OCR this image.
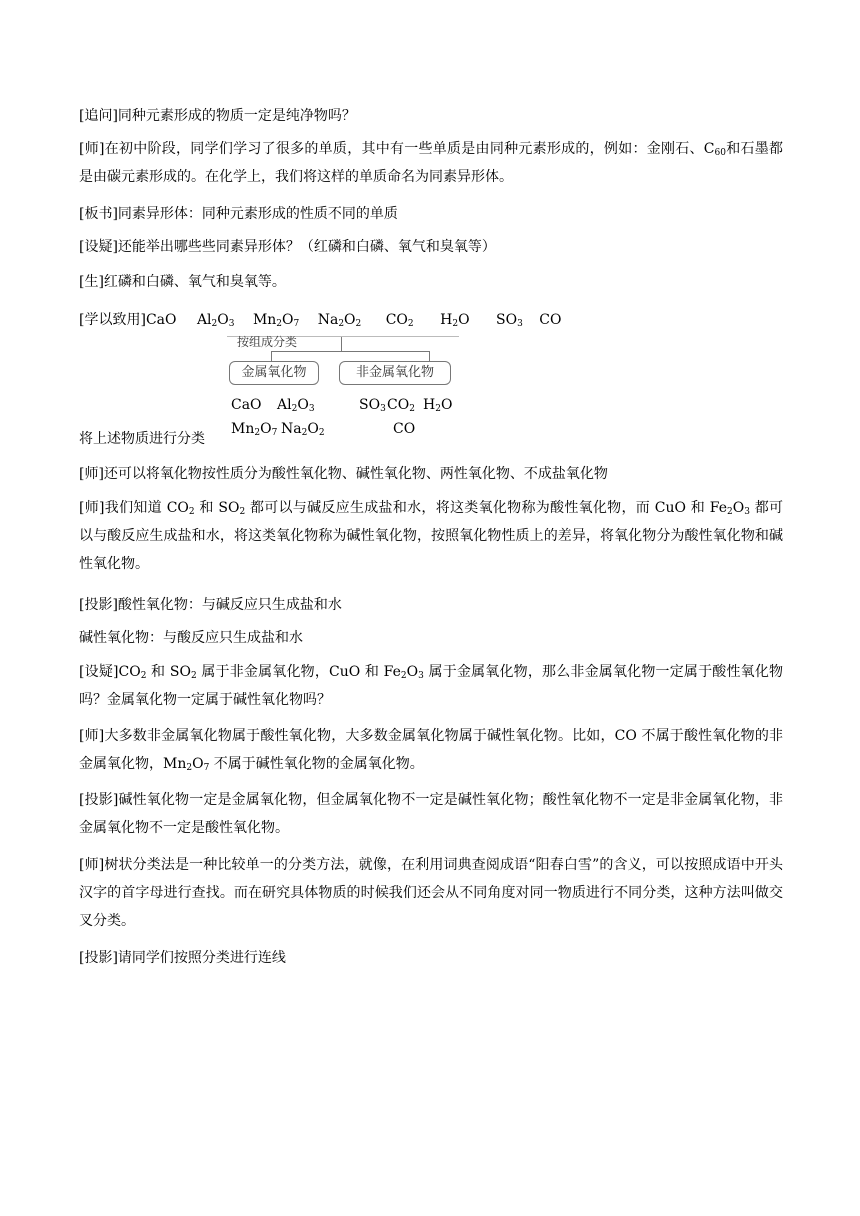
[追问]同种元素形成的物质一定是纯净物吗？
[师]在初中阶段，同学们学习了很多的单质，其中有一些单质是由同种元素形成的，例如：金刚石、$C_{60}$和石墨都是由碳元素形成的。在化学上，我们将这样的单质命名为同素异形体。
[板书]同素异形体：同种元素形成的性质不同的单质
[设疑]还能举出哪些些同素异形体？（红磷和白磷、氧气和臭氧等）
[生]红磷和白磷、氧气和臭氧等。
[学以致用]CaO $Al_2O_3$ $Mn_2O_7$ $Na_2O_2$ $CO_2$ $H_2O$ $SO_3$ CO
按组成分类
金属氧化物	非金属氧化物
CaO $Al_2O_3$
$Mn_2O_7$ $Na_2O_2$
$SO_3$ $CO_2$ $H_2O$
CO
将上述物质进行分类
[师]还可以将氧化物按性质分为酸性氧化物、碱性氧化物、两性氧化物、不成盐氧化物
[师]我们知道 $CO_2$ 和 $SO_2$ 都可以与碱反应生成盐和水，将这类氧化物称为酸性氧化物，而 CuO 和 $Fe_2O_3$ 都可以与酸反应生成盐和水，将这类氧化物称为碱性氧化物，按照氧化物性质上的差异，将氧化物分为酸性氧化物和碱性氧化物。
[投影]酸性氧化物：与碱反应只生成盐和水
碱性氧化物：与酸反应只生成盐和水
[设疑]$CO_2$ 和 $SO_2$ 属于非金属氧化物，CuO 和 $Fe_2O_3$ 属于金属氧化物，那么非金属氧化物一定属于酸性氧化物吗？金属氧化物一定属于碱性氧化物吗？
[师]大多数非金属氧化物属于酸性氧化物，大多数金属氧化物属于碱性氧化物。比如，CO 不属于酸性氧化物的非金属氧化物，$Mn_2O_7$ 不属于碱性氧化物的金属氧化物。
[投影]碱性氧化物一定是金属氧化物，但金属氧化物不一定是碱性氧化物；酸性氧化物不一定是非金属氧化物，非金属氧化物不一定是酸性氧化物。
[师]树状分类法是一种比较单一的分类方法，就像，在利用词典查阅成语“阳春白雪”的含义，可以按照成语中开头汉字的首字母进行查找。而在研究具体物质的时候我们还会从不同角度对同一物质进行不同分类，这种方法叫做交叉分类。
[投影]请同学们按照分类进行连线
